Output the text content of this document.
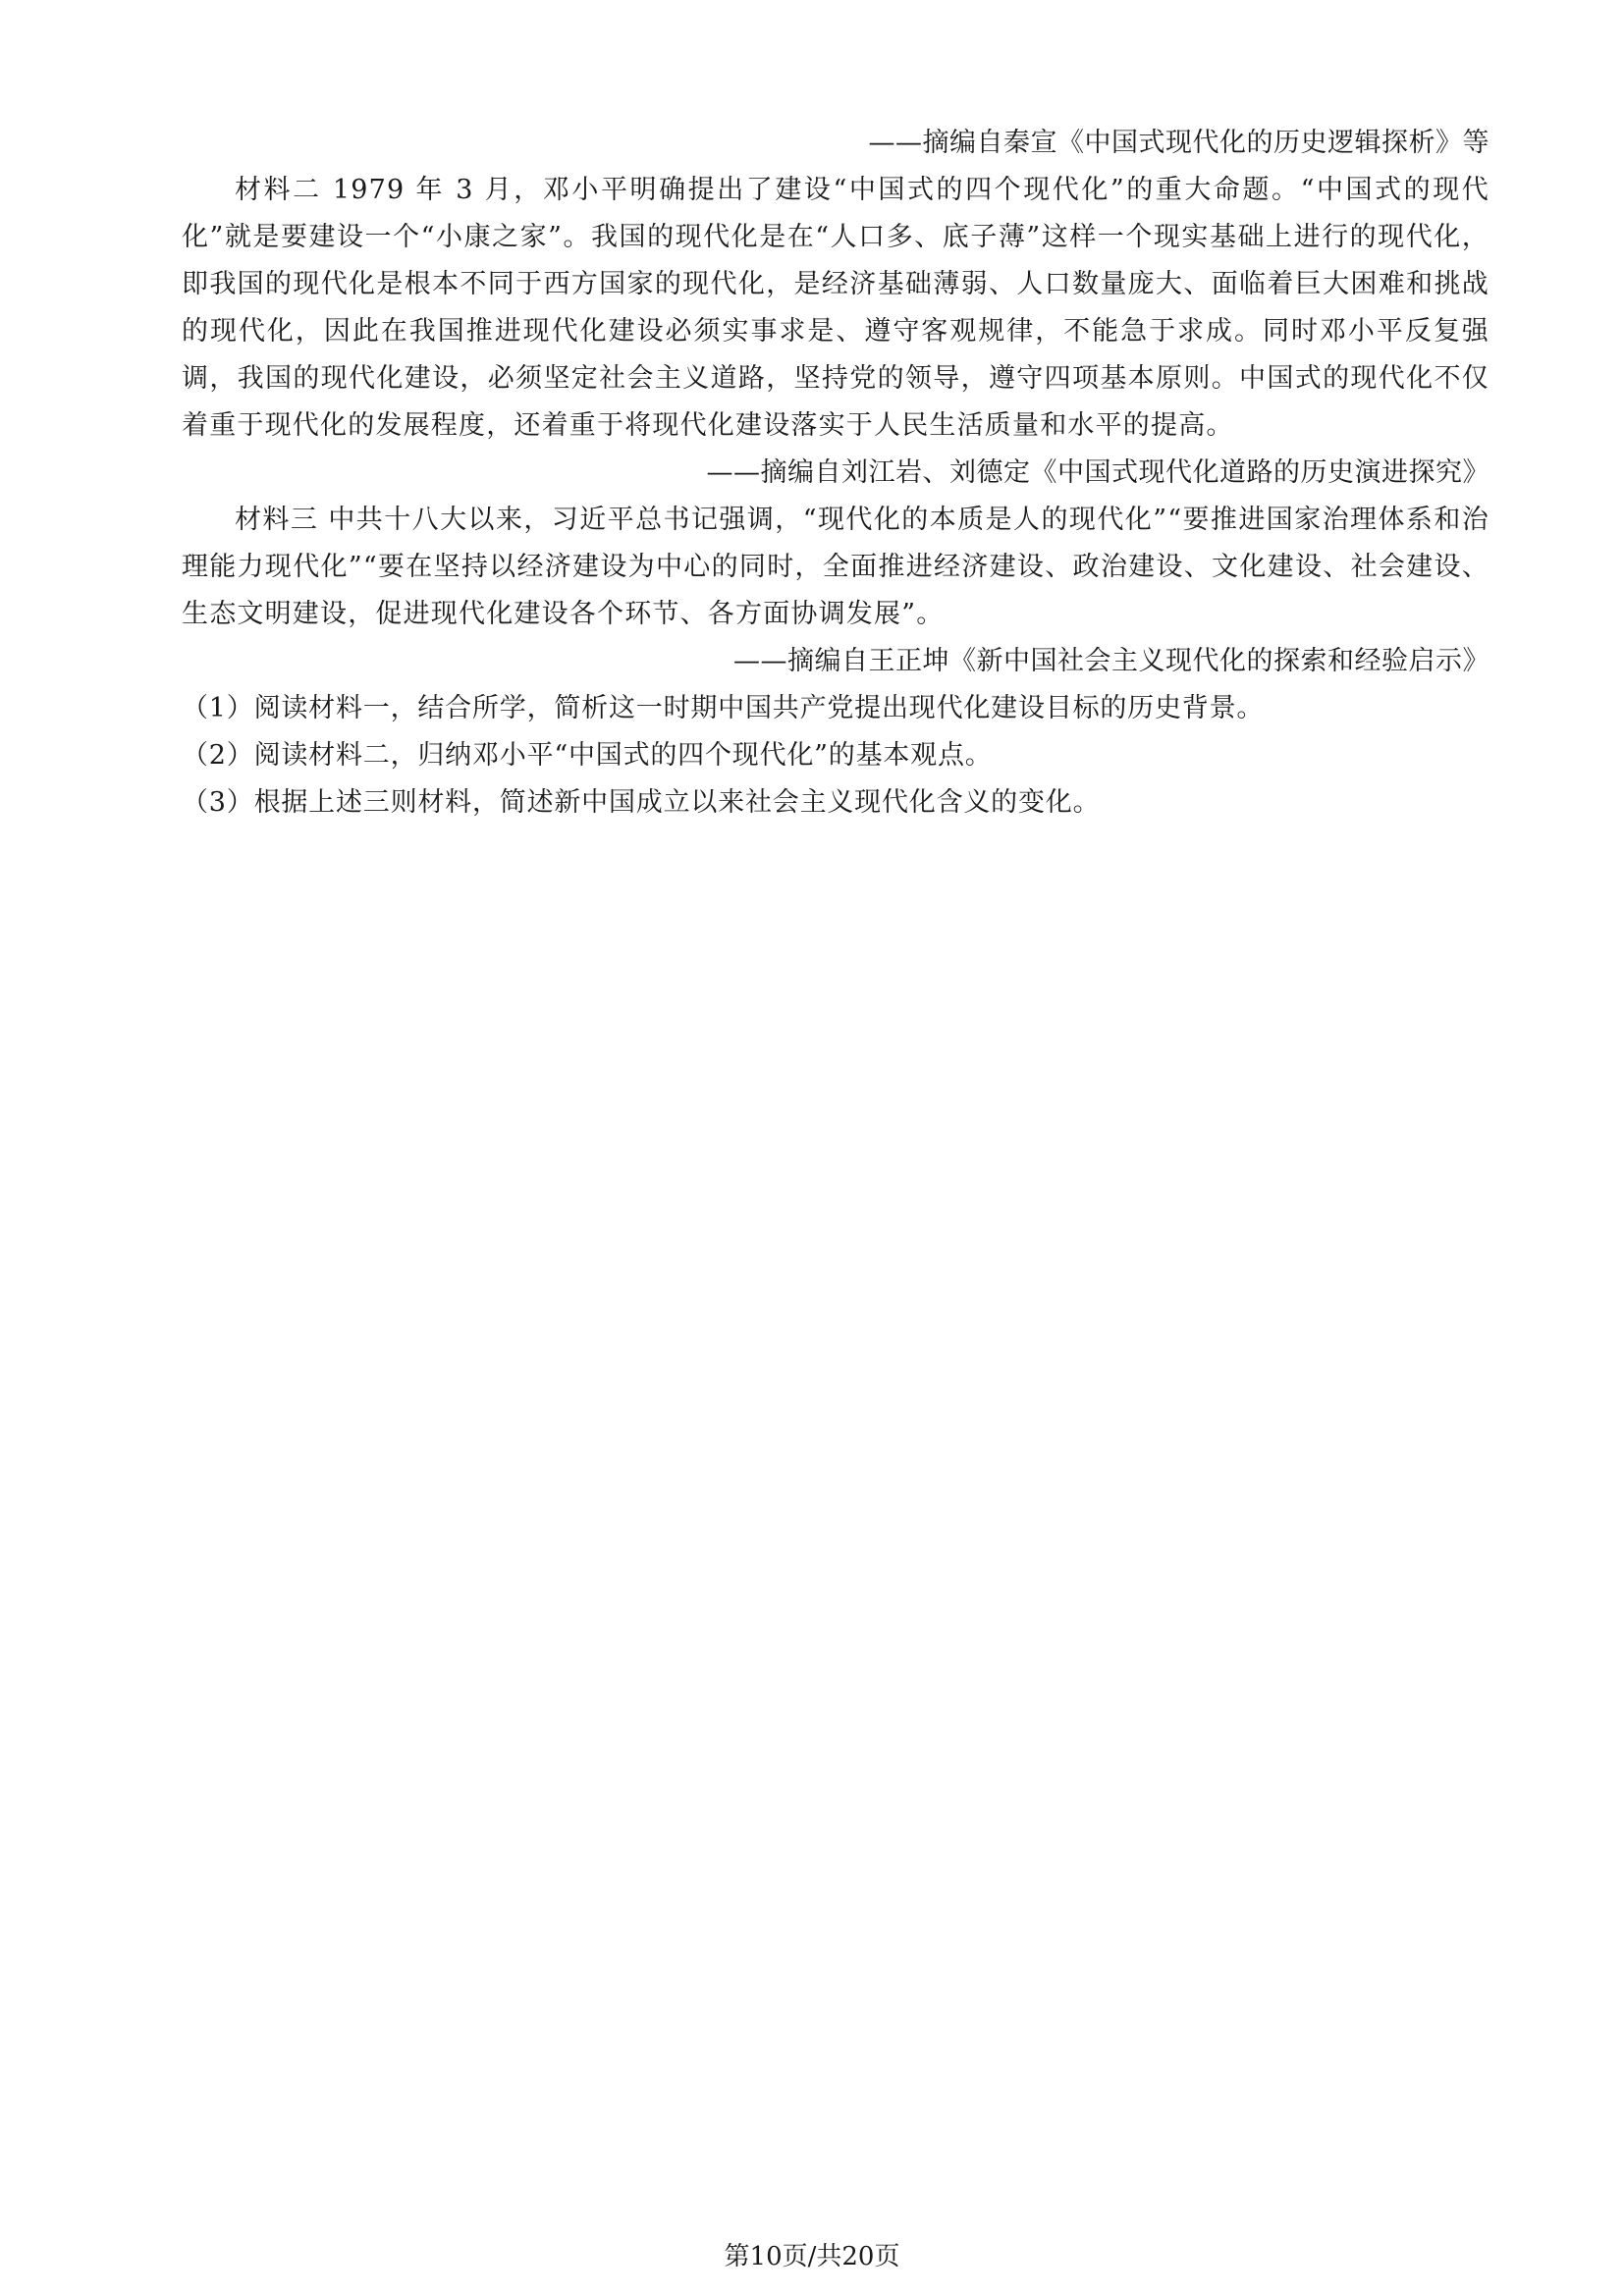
——摘编自秦宣《中国式现代化的历史逻辑探析》等

材料二 1979 年 3 月，邓小平明确提出了建设“中国式的四个现代化”的重大命题。“中国式的现代化”就是要建设一个“小康之家”。我国的现代化是在“人口多、底子薄”这样一个现实基础上进行的现代化，即我国的现代化是根本不同于西方国家的现代化，是经济基础薄弱、人口数量庞大、面临着巨大困难和挑战的现代化，因此在我国推进现代化建设必须实事求是、遵守客观规律，不能急于求成。同时邓小平反复强调，我国的现代化建设，必须坚定社会主义道路，坚持党的领导，遵守四项基本原则。中国式的现代化不仅着重于现代化的发展程度，还着重于将现代化建设落实于人民生活质量和水平的提高。

——摘编自刘江岩、刘德定《中国式现代化道路的历史演进探究》

材料三 中共十八大以来，习近平总书记强调，“现代化的本质是人的现代化”“要推进国家治理体系和治理能力现代化”“要在坚持以经济建设为中心的同时，全面推进经济建设、政治建设、文化建设、社会建设、生态文明建设，促进现代化建设各个环节、各方面协调发展”。

——摘编自王正坤《新中国社会主义现代化的探索和经验启示》

（1）阅读材料一，结合所学，简析这一时期中国共产党提出现代化建设目标的历史背景。

（2）阅读材料二，归纳邓小平“中国式的四个现代化”的基本观点。

（3）根据上述三则材料，简述新中国成立以来社会主义现代化含义的变化。

第10页/共20页
